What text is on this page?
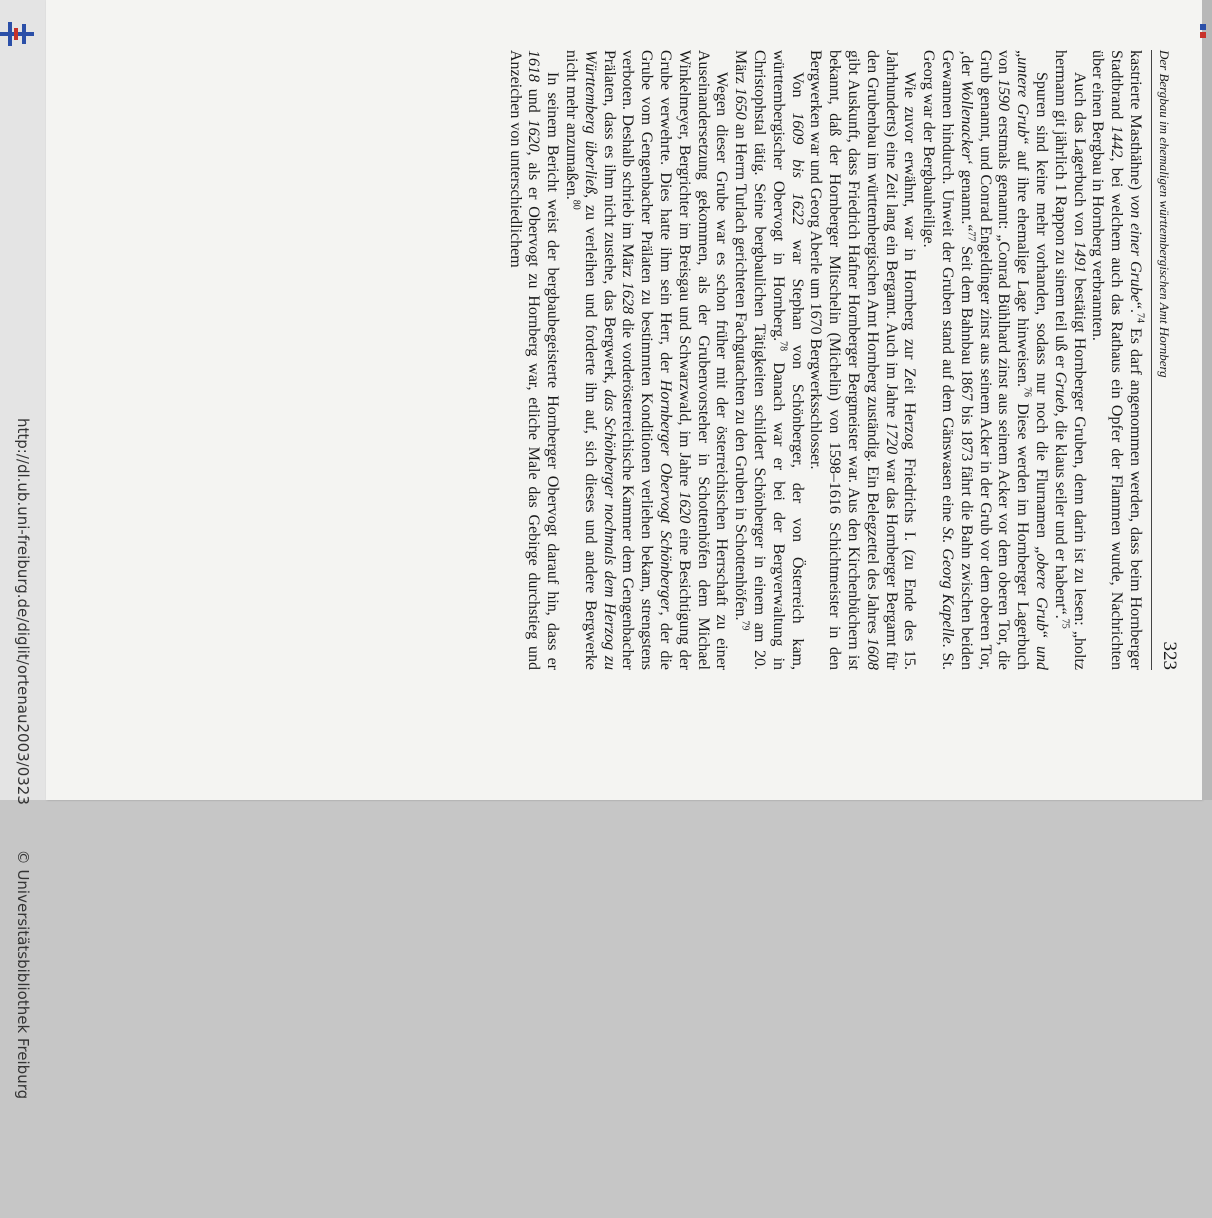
http://dl.ub.uni-freiburg.de/diglit/ortenau2003/0323 © Universitätsbibliothek Freiburg
Der Bergbau im ehemaligen württembergischen Amt Hornberg
323

kastrierte Masthähne) von einer Grube“.$^{74}$ Es darf angenommen werden, dass beim Hornberger Stadtbrand 1442, bei welchem auch das Rathaus ein Opfer der Flammen wurde, Nachrichten über einen Bergbau in Hornberg verbrannten.

Auch das Lagerbuch von 1491 bestätigt Hornberger Gruben, denn darin ist zu lesen: „holtz hermann git jährlich 1 Rappon zu sinem teil uß er Grueb, die klaus seiler und er habent“.$^{75}$

Spuren sind keine mehr vorhanden, sodass nur noch die Flurnamen „obere Grub“ und „untere Grub“ auf ihre ehemalige Lage hinweisen.$^{76}$ Diese werden im Hornberger Lagerbuch von 1590 erstmals genannt: „Conrad Bühlhard zinst aus seinem Acker vor dem oberen Tor, die Grub genannt, und Conrad Engeldinger zinst aus seinem Acker in der Grub vor dem oberen Tor, ‚der Wollenacker‘ genannt.“$^{77}$ Seit dem Bahnbau 1867 bis 1873 fährt die Bahn zwischen beiden Gewannen hindurch. Unweit der Gruben stand auf dem Gänswasen eine St. Georg Kapelle. St. Georg war der Bergbauheilige.

Wie zuvor erwähnt, war in Hornberg zur Zeit Herzog Friedrichs I. (zu Ende des 15. Jahrhunderts) eine Zeit lang ein Bergamt. Auch im Jahre 1720 war das Hornberger Bergamt für den Grubenbau im württembergischen Amt Hornberg zuständig. Ein Belegzettel des Jahres 1608 gibt Auskunft, dass Friedrich Hafner Hornberger Bergmeister war. Aus den Kirchenbüchern ist bekannt, daß der Hornberger Mitschelin (Michelin) von 1598–1616 Schichtmeister in den Bergwerken war und Georg Aberle um 1670 Bergwerksschlosser.

Von 1609 bis 1622 war Stephan von Schönberger, der von Österreich kam, württembergischer Obervogt in Hornberg.$^{78}$ Danach war er bei der Bergverwaltung in Christophstal tätig. Seine bergbaulichen Tätigkeiten schildert Schönberger in einem am 20. März 1650 an Herrn Turlach gerichteten Fachgutachten zu den Gruben in Schottenhöfen.$^{79}$

Wegen dieser Grube war es schon früher mit der österreichischen Herrschaft zu einer Auseinandersetzung gekommen, als der Grubenvorsteher in Schottenhöfen dem Michael Winkelmeyer, Bergrichter im Breisgau und Schwarzwald, im Jahre 1620 eine Besichtigung der Grube verwehrte. Dies hatte ihm sein Herr, der Hornberger Obervogt Schönberger, der die Grube vom Gengenbacher Prälaten zu bestimmten Konditionen verliehen bekam, strengstens verboten. Deshalb schrieb im März 1628 die vorderösterreichische Kammer dem Gengenbacher Prälaten, dass es ihm nicht zustehe, das Bergwerk, das Schönberger nochmals dem Herzog zu Württemberg überließ, zu verleihen und forderte ihn auf, sich dieses und andere Bergwerke nicht mehr anzumaßen.$^{80}$

In seinem Bericht weist der bergbaubegeisterte Hornberger Obervogt darauf hin, dass er 1618 und 1620, als er Obervogt zu Hornberg war, etliche Male das Gebirge durchstieg und Anzeichen von unterschiedlichem
